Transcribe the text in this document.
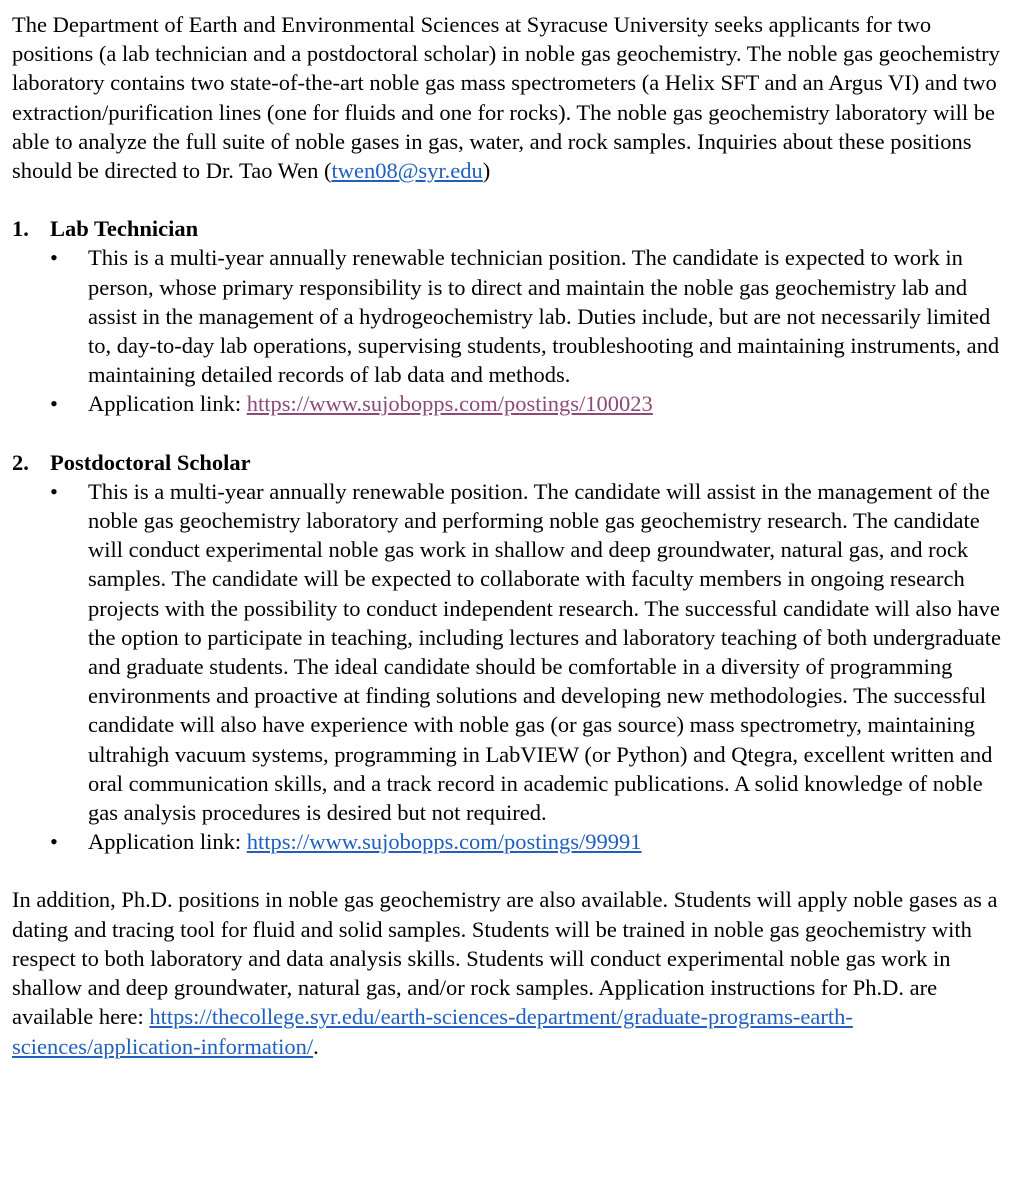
The Department of Earth and Environmental Sciences at Syracuse University seeks applicants for two positions (a lab technician and a postdoctoral scholar) in noble gas geochemistry. The noble gas geochemistry laboratory contains two state-of-the-art noble gas mass spectrometers (a Helix SFT and an Argus VI) and two extraction/purification lines (one for fluids and one for rocks). The noble gas geochemistry laboratory will be able to analyze the full suite of noble gases in gas, water, and rock samples. Inquiries about these positions should be directed to Dr. Tao Wen (twen08@syr.edu)

1. Lab Technician
• This is a multi-year annually renewable technician position. The candidate is expected to work in person, whose primary responsibility is to direct and maintain the noble gas geochemistry lab and assist in the management of a hydrogeochemistry lab. Duties include, but are not necessarily limited to, day-to-day lab operations, supervising students, troubleshooting and maintaining instruments, and maintaining detailed records of lab data and methods.
• Application link: https://www.sujobopps.com/postings/100023
2. Postdoctoral Scholar
• This is a multi-year annually renewable position. The candidate will assist in the management of the noble gas geochemistry laboratory and performing noble gas geochemistry research. The candidate will conduct experimental noble gas work in shallow and deep groundwater, natural gas, and rock samples. The candidate will be expected to collaborate with faculty members in ongoing research projects with the possibility to conduct independent research. The successful candidate will also have the option to participate in teaching, including lectures and laboratory teaching of both undergraduate and graduate students. The ideal candidate should be comfortable in a diversity of programming environments and proactive at finding solutions and developing new methodologies. The successful candidate will also have experience with noble gas (or gas source) mass spectrometry, maintaining ultrahigh vacuum systems, programming in LabVIEW (or Python) and Qtegra, excellent written and oral communication skills, and a track record in academic publications. A solid knowledge of noble gas analysis procedures is desired but not required.
• Application link: https://www.sujobopps.com/postings/99991

In addition, Ph.D. positions in noble gas geochemistry are also available. Students will apply noble gases as a dating and tracing tool for fluid and solid samples. Students will be trained in noble gas geochemistry with respect to both laboratory and data analysis skills. Students will conduct experimental noble gas work in shallow and deep groundwater, natural gas, and/or rock samples. Application instructions for Ph.D. are available here: https://thecollege.syr.edu/earth-sciences-department/graduate-programs-earth-sciences/application-information/.
